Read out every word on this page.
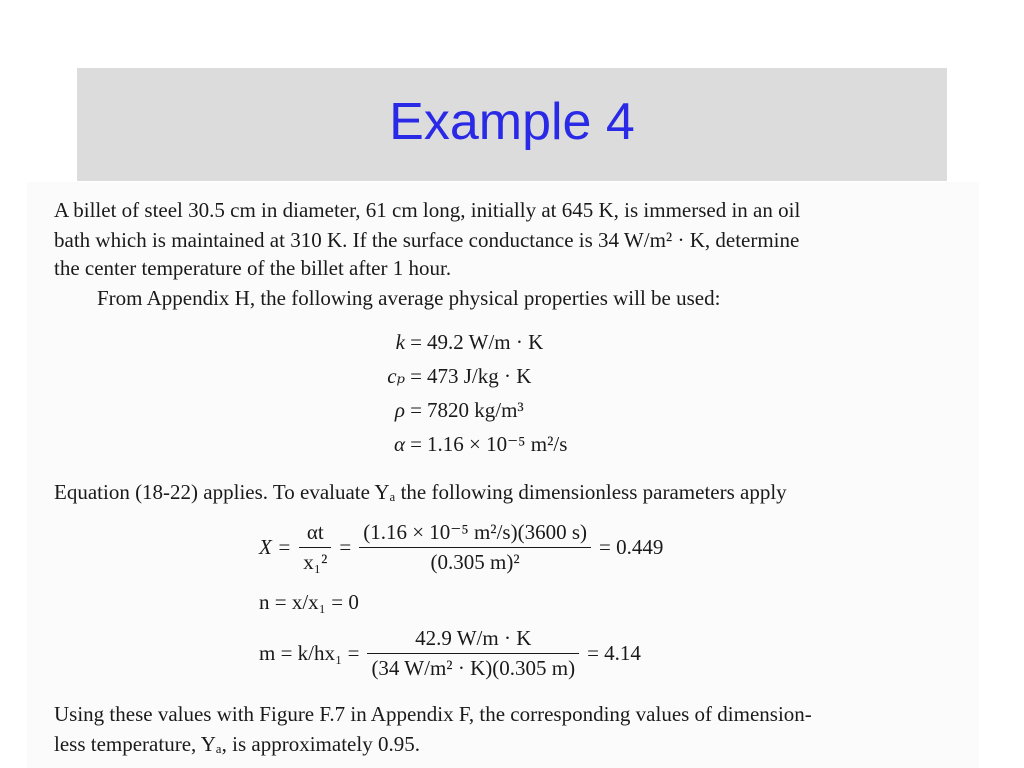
Example 4
A billet of steel 30.5 cm in diameter, 61 cm long, initially at 645 K, is immersed in an oil
bath which is maintained at 310 K. If the surface conductance is 34 W/m² · K, determine
the center temperature of the billet after 1 hour.
From Appendix H, the following average physical properties will be used:
k = 49.2 W/m · K
cₚ = 473 J/kg · K
ρ = 7820 kg/m³
α = 1.16 × 10⁻⁵ m²/s
Equation (18-22) applies. To evaluate Yₐ the following dimensionless parameters apply
$X = \frac{\alpha t}{\text{x₁²}} = \frac{\text{(1.16 × 10⁻⁵ m²/s)(3600 s)}}{\text{(0.305 m)²}} = 0.449$
n = x/x₁ = 0
$m = k/hx_1 = \frac{42.9 W/m \cdot K}{\text{(34 W/m² · K)(0.305 m)}} = 4.14$
Using these values with Figure F.7 in Appendix F, the corresponding values of dimension-
less temperature, Yₐ, is approximately 0.95.
